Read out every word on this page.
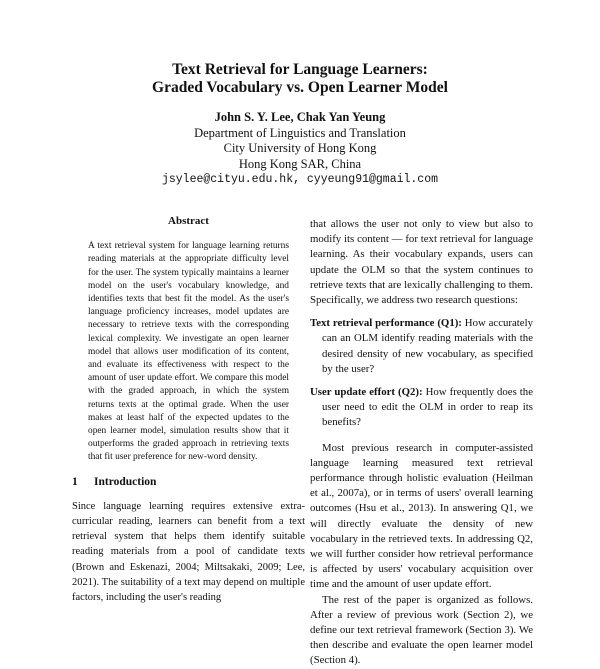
Text Retrieval for Language Learners:
Graded Vocabulary vs. Open Learner Model
John S. Y. Lee, Chak Yan Yeung
Department of Linguistics and Translation
City University of Hong Kong
Hong Kong SAR, China
jsylee@cityu.edu.hk, cyyeung91@gmail.com
Abstract

A text retrieval system for language learning returns reading materials at the appropriate difficulty level for the user. The system typically maintains a learner model on the user's vocabulary knowledge, and identifies texts that best fit the model. As the user's language proficiency increases, model updates are necessary to retrieve texts with the corresponding lexical complexity. We investigate an open learner model that allows user modification of its content, and evaluate its effectiveness with respect to the amount of user update effort. We compare this model with the graded approach, in which the system returns texts at the optimal grade. When the user makes at least half of the expected updates to the open learner model, simulation results show that it outperforms the graded approach in retrieving texts that fit user preference for new-word density.

1 Introduction

Since language learning requires extensive extra-curricular reading, learners can benefit from a text retrieval system that helps them identify suitable reading materials from a pool of candidate texts (Brown and Eskenazi, 2004; Miltsakaki, 2009; Lee, 2021). The suitability of a text may depend on multiple factors, including the user's reading

that allows the user not only to view but also to modify its content — for text retrieval for language learning. As their vocabulary expands, users can update the OLM so that the system continues to retrieve texts that are lexically challenging to them. Specifically, we address two research questions:

Text retrieval performance (Q1): How accurately can an OLM identify reading materials with the desired density of new vocabulary, as specified by the user?

User update effort (Q2): How frequently does the user need to edit the OLM in order to reap its benefits?

Most previous research in computer-assisted language learning measured text retrieval performance through holistic evaluation (Heilman et al., 2007a), or in terms of users' overall learning outcomes (Hsu et al., 2013). In answering Q1, we will directly evaluate the density of new vocabulary in the retrieved texts. In addressing Q2, we will further consider how retrieval performance is affected by users' vocabulary acquisition over time and the amount of user update effort.

The rest of the paper is organized as follows. After a review of previous work (Section 2), we define our text retrieval framework (Section 3). We then describe and evaluate the open learner model (Section 4).
